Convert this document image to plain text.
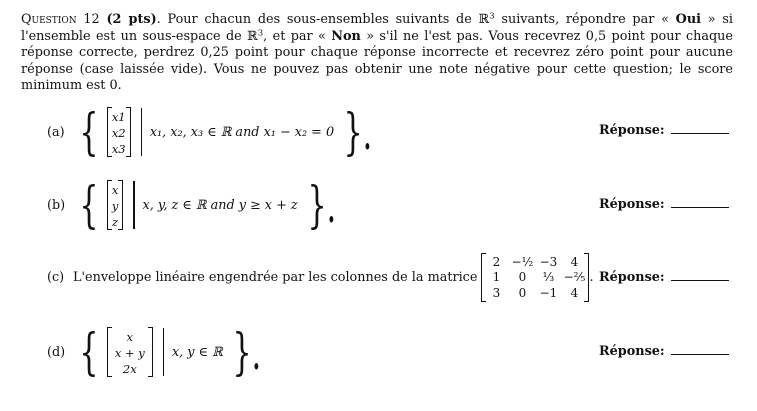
Question 12 (2 pts). Pour chacun des sous-ensembles suivants de ℝ$^3$ suivants, répondre par « Oui » si l'ensemble est un sous-espace de ℝ$^3$, et par « Non » s'il ne l'est pas. Vous recevrez 0,5 point pour chaque réponse correcte, perdrez 0,25 point pour chaque réponse incorrecte et recevrez zéro point pour aucune réponse (case laissée vide). Vous ne pouvez pas obtenir une note négative pour cette question; le score minimum est 0.
(a) { x1
x2
x3
x₁, x₂, x₃ ∈ ℝ and x₁ − x₂ = 0 }.	Réponse:
(b) { x
y
z
x, y, z ∈ ℝ and y ≥ x + z }.	Réponse:
(c) L'enveloppe linéaire engendrée par les colonnes de la matrice
2 −½ −3 4
1 0 ⅓ −⅖
3 0 −1 4
. Réponse:
(d) { x
x + y
2x
x, y ∈ ℝ }.	Réponse:
